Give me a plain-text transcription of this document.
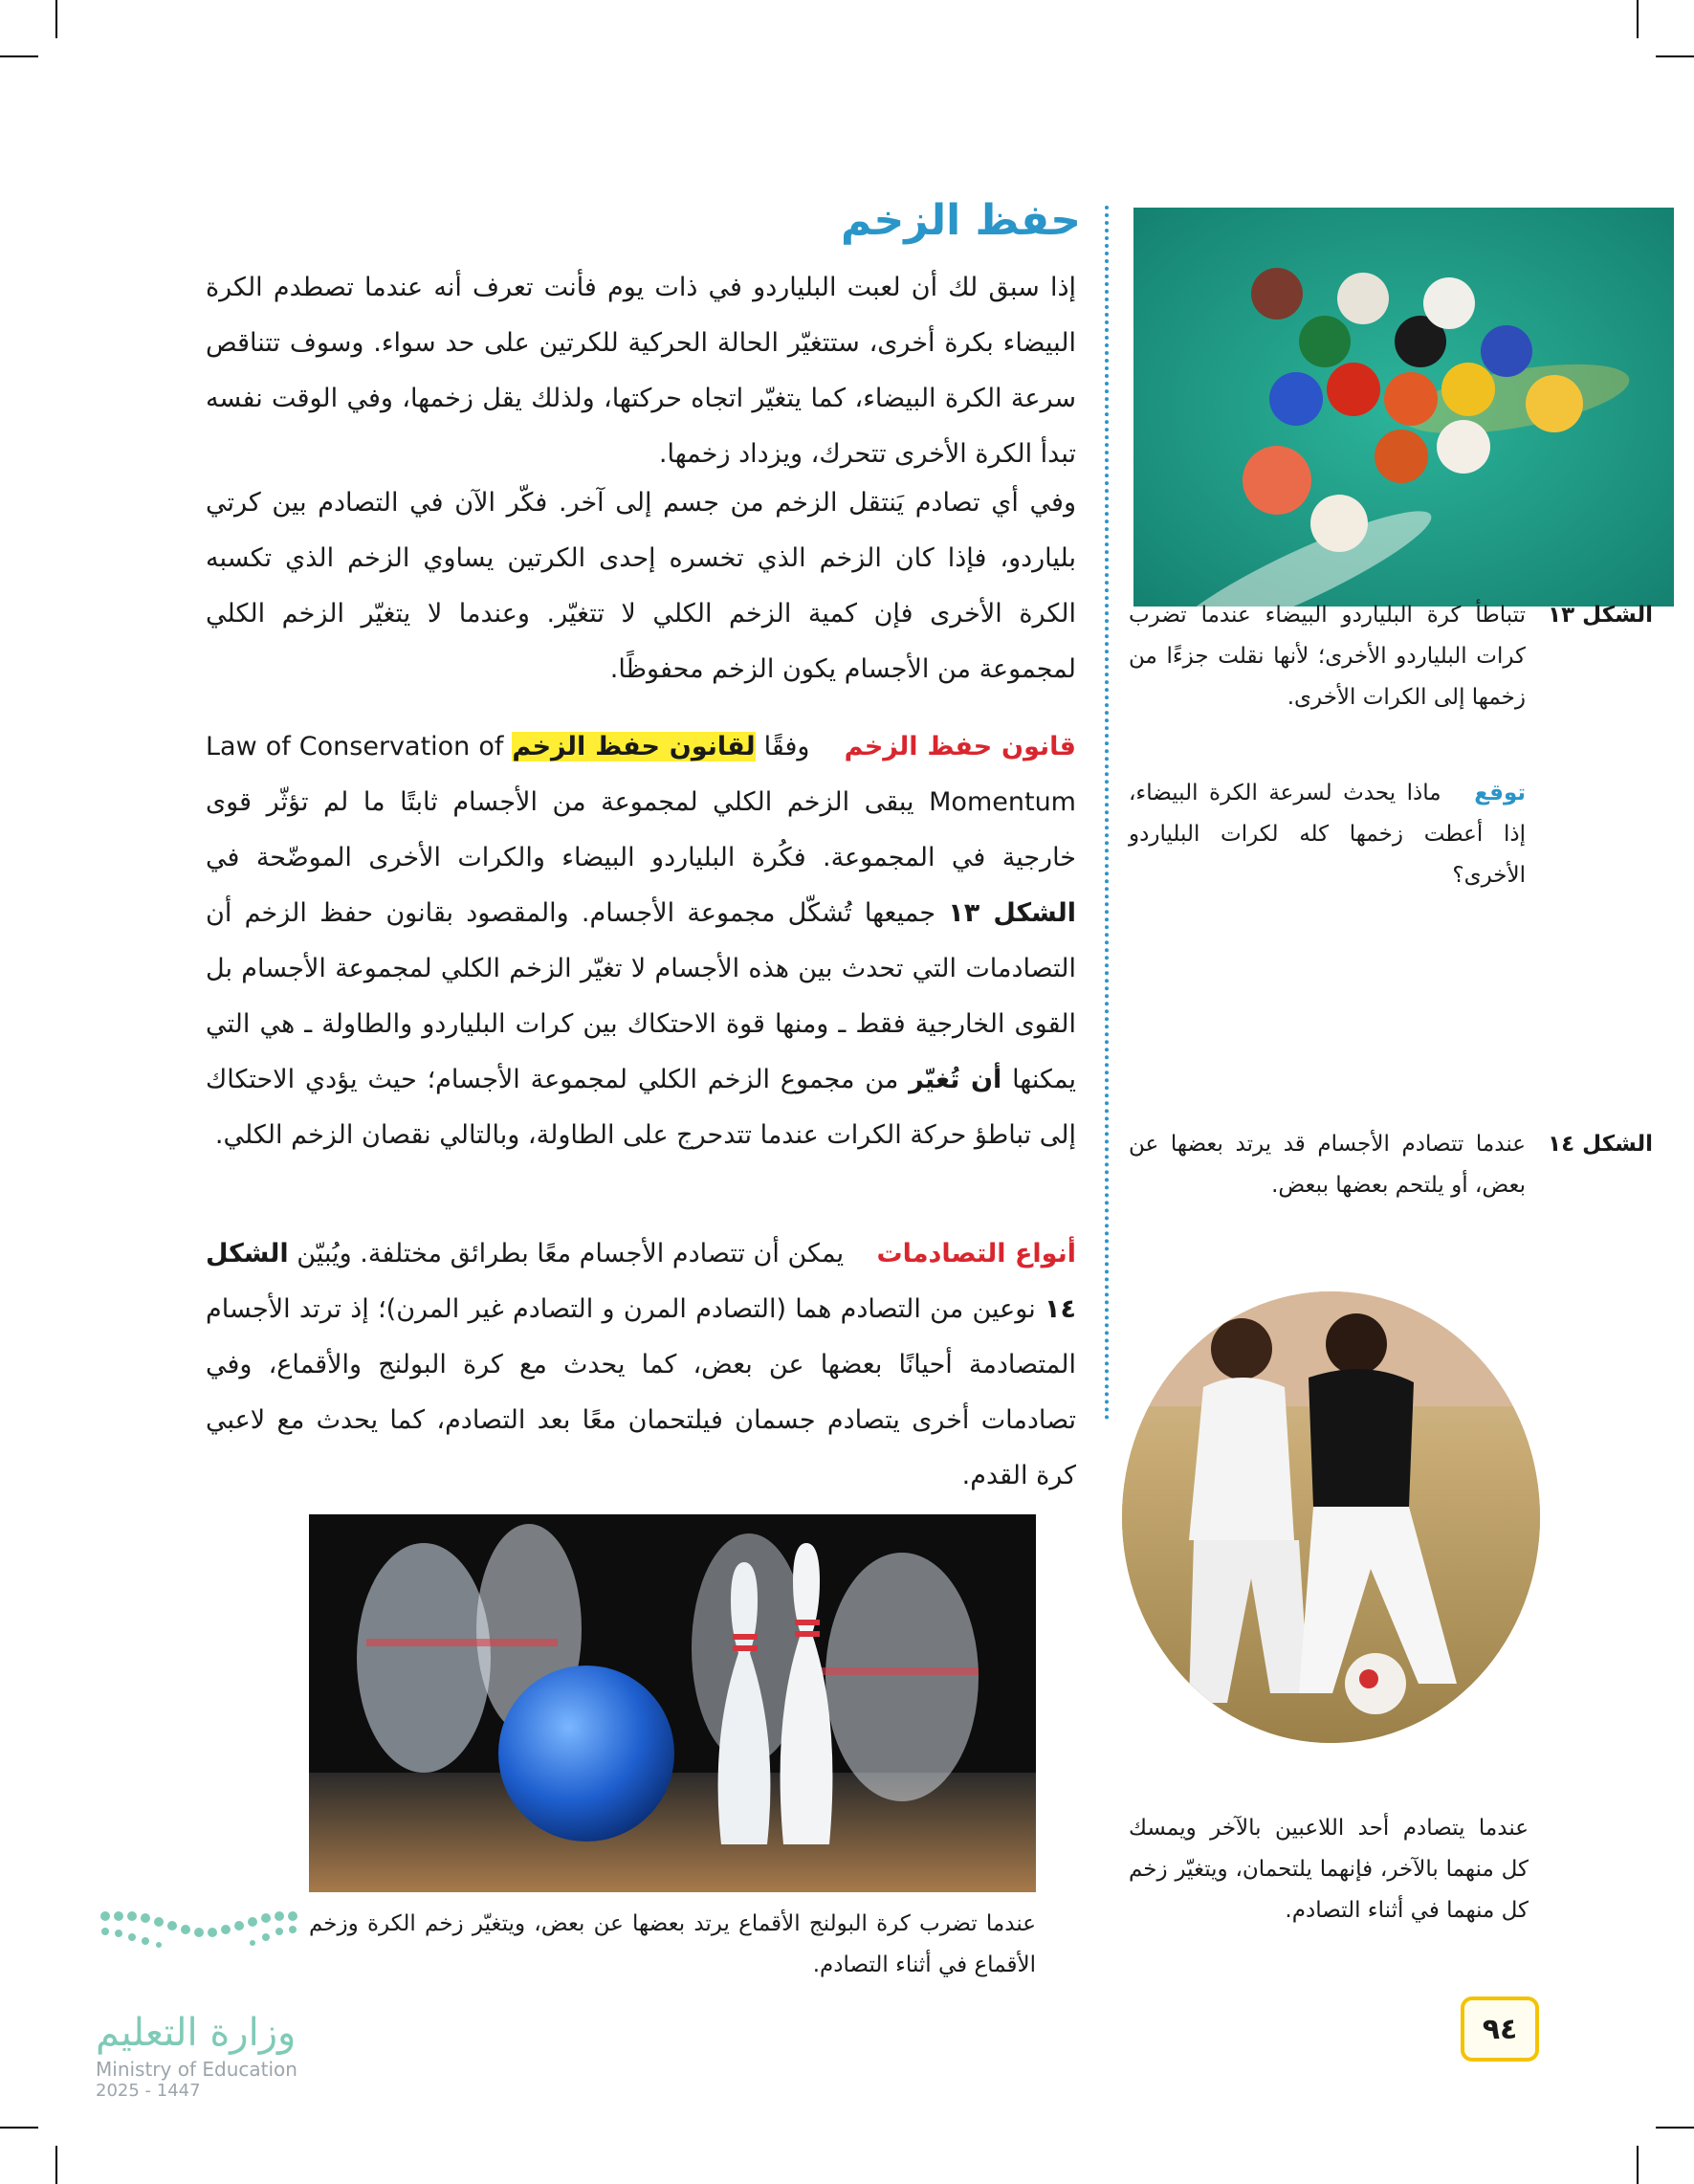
حفظ الزخم
إذا سبق لك أن لعبت البلياردو في ذات يوم فأنت تعرف أنه عندما تصطدم الكرة البيضاء بكرة أخرى، ستتغيّر الحالة الحركية للكرتين على حد سواء. وسوف تتناقص سرعة الكرة البيضاء، كما يتغيّر اتجاه حركتها، ولذلك يقل زخمها، وفي الوقت نفسه تبدأ الكرة الأخرى تتحرك، ويزداد زخمها.
وفي أي تصادم يَنتقل الزخم من جسم إلى آخر. فكّر الآن في التصادم بين كرتي بلياردو، فإذا كان الزخم الذي تخسره إحدى الكرتين يساوي الزخم الذي تكسبه الكرة الأخرى فإن كمية الزخم الكلي لا تتغيّر. وعندما لا يتغيّر الزخم الكلي لمجموعة من الأجسام يكون الزخم محفوظًا.
قانون حفظ الزخم    وفقًا لقانون حفظ الزخم Law of Conservation of Momentum يبقى الزخم الكلي لمجموعة من الأجسام ثابتًا ما لم تؤثّر قوى خارجية في المجموعة. فكُرة البلياردو البيضاء والكرات الأخرى الموضّحة في الشكل ١٣ جميعها تُشكّل مجموعة الأجسام. والمقصود بقانون حفظ الزخم أن التصادمات التي تحدث بين هذه الأجسام لا تغيّر الزخم الكلي لمجموعة الأجسام بل القوى الخارجية فقط ـ ومنها قوة الاحتكاك بين كرات البلياردو والطاولة ـ هي التي يمكنها أن تُغيّر من مجموع الزخم الكلي لمجموعة الأجسام؛ حيث يؤدي الاحتكاك إلى تباطؤ حركة الكرات عندما تتدحرج على الطاولة، وبالتالي نقصان الزخم الكلي.
أنواع التصادمات    يمكن أن تتصادم الأجسام معًا بطرائق مختلفة. ويُبيّن الشكل ١٤ نوعين من التصادم هما (التصادم المرن و التصادم غير المرن)؛ إذ ترتد الأجسام المتصادمة أحيانًا بعضها عن بعض، كما يحدث مع كرة البولنج والأقماع، وفي تصادمات أخرى يتصادم جسمان فيلتحمان معًا بعد التصادم، كما يحدث مع لاعبي كرة القدم.
عندما تضرب كرة البولنج الأقماع يرتد بعضها عن بعض، ويتغيّر زخم الكرة وزخم الأقماع في أثناء التصادم.
تتباطأ كرة البلياردو البيضاء عندما تضرب كرات البلياردو الأخرى؛ لأنها نقلت جزءًا من زخمها إلى الكرات الأخرى.
الشكل ١٣
توقع   ماذا يحدث لسرعة الكرة البيضاء، إذا أعطت زخمها كله لكرات البلياردو الأخرى؟
الشكل ١٤
عندما تتصادم الأجسام قد يرتد بعضها عن بعض، أو يلتحم بعضها ببعض.
عندما يتصادم أحد اللاعبين بالآخر ويمسك كل منهما بالآخر، فإنهما يلتحمان، ويتغيّر زخم كل منهما في أثناء التصادم.
٩٤
وزارة التعليم
Ministry of Education
2025 - 1447
